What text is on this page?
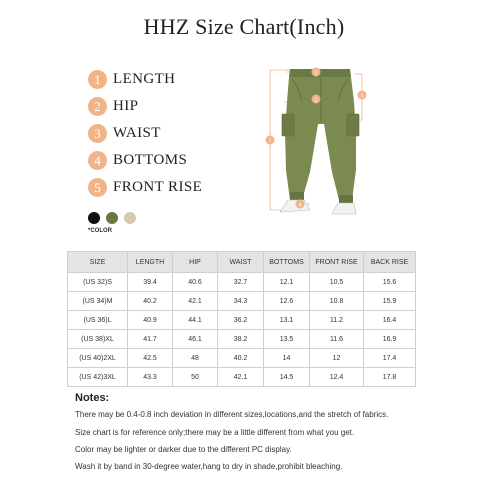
HHZ Size Chart(Inch)
1 LENGTH
2 HIP
3 WAIST
4 BOTTOMS
5 FRONT RISE
*COLOR
1
2
3
4
5
SIZE	LENGTH	HIP	WAIST	BOTTOMS	FRONT RISE	BACK RISE
(US 32)S	39.4	40.6	32.7	12.1	10.5	15.6
(US 34)M	40.2	42.1	34.3	12.6	10.8	15.9
(US 36)L	40.9	44.1	36.2	13.1	11.2	16.4
(US 38)XL	41.7	46.1	38.2	13.5	11.6	16.9
(US 40)2XL	42.5	48	40.2	14	12	17.4
(US 42)3XL	43.3	50	42.1	14.5	12.4	17.8
Notes:
There may be 0.4-0.8 inch deviation in different sizes,locations,and the stretch of fabrics.
Size chart is for reference only;there may be a little different from what you get.
Color may be lighter or darker due to the different PC display.
Wash it by band in 30-degree water,hang to dry in shade,prohibit bleaching.
